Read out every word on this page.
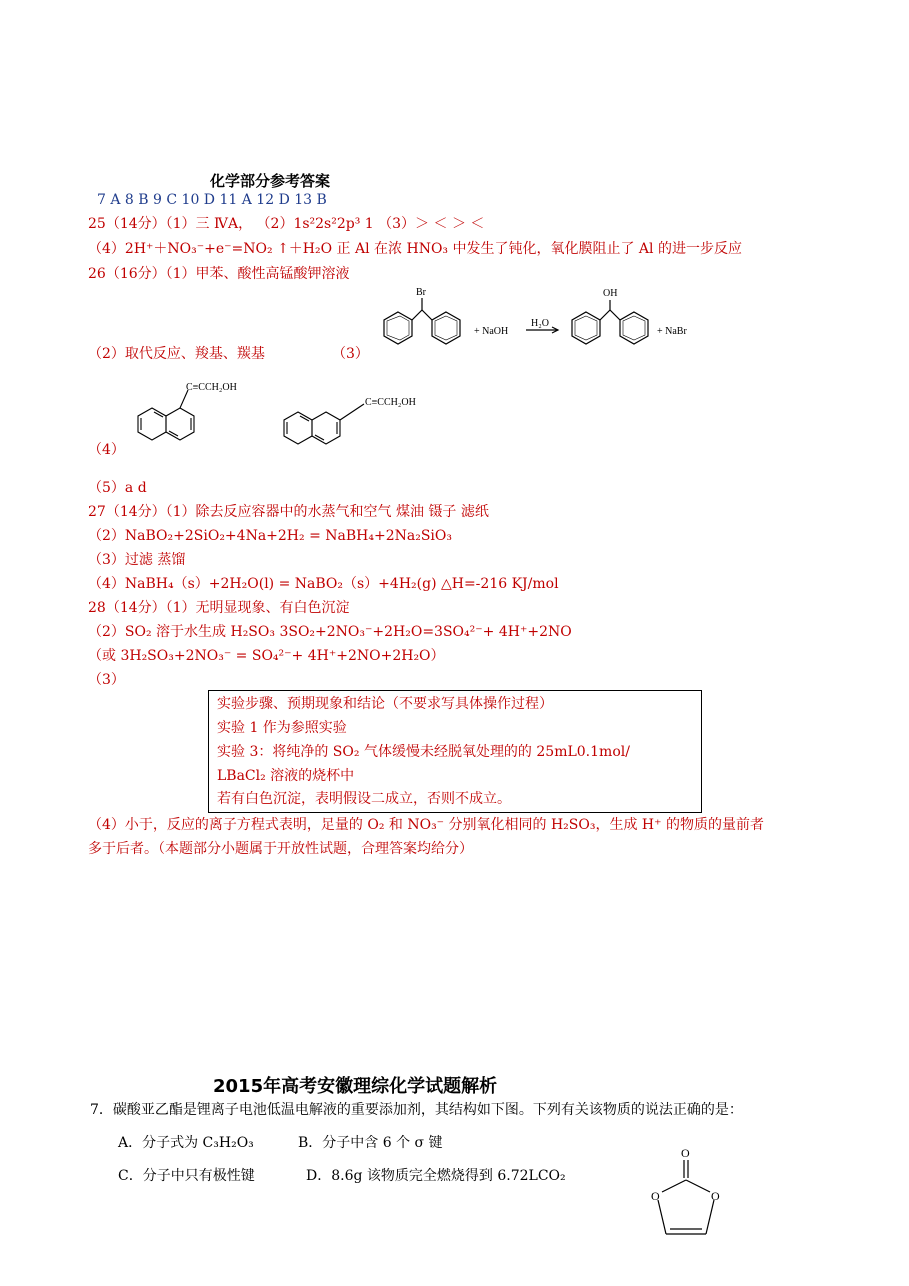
化学部分参考答案
7 A 8 B 9 C 10 D 11 A 12 D 13 B
25（14分）（1）三 ⅣA， （2）1s²2s²2p³ 1 （3）＞ ＜ ＞ ＜
（4）2H⁺＋NO₃⁻+e⁻=NO₂ ↑＋H₂O 正 Al 在浓 HNO₃ 中发生了钝化，氧化膜阻止了 Al 的进一步反应
26（16分）（1）甲苯、酸性高锰酸钾溶液
Br
+ NaOH
H₂O
OH
+ NaBr
（2）取代反应、羧基、羰基	（3）
C≡CCH₂OH
C≡CCH₂OH
（4）
（5）a d
27（14分）（1）除去反应容器中的水蒸气和空气 煤油 镊子 滤纸
（2）NaBO₂+2SiO₂+4Na+2H₂ = NaBH₄+2Na₂SiO₃
（3）过滤 蒸馏
（4）NaBH₄（s）+2H₂O(l) = NaBO₂（s）+4H₂(g) △H=-216 KJ/mol
28（14分）（1）无明显现象、有白色沉淀
（2）SO₂ 溶于水生成 H₂SO₃ 3SO₂+2NO₃⁻+2H₂O=3SO₄²⁻+ 4H⁺+2NO
（或 3H₂SO₃+2NO₃⁻ = SO₄²⁻+ 4H⁺+2NO+2H₂O）
（3）
实验步骤、预期现象和结论（不要求写具体操作过程）
实验 1 作为参照实验
实验 3：将纯净的 SO₂ 气体缓慢未经脱氧处理的的 25mL0.1mol/
LBaCl₂ 溶液的烧杯中
若有白色沉淀，表明假设二成立，否则不成立。
（4）小于，反应的离子方程式表明，足量的 O₂ 和 NO₃⁻ 分别氧化相同的 H₂SO₃，生成 H⁺ 的物质的量前者
多于后者。（本题部分小题属于开放性试题，合理答案均给分）
2015年高考安徽理综化学试题解析
7．碳酸亚乙酯是锂离子电池低温电解液的重要添加剂，其结构如下图。下列有关该物质的说法正确的是：
A．分子式为 C₃H₂O₃	B．分子中含 6 个 σ 键
C．分子中只有极性键	D．8.6g 该物质完全燃烧得到 6.72LCO₂
O
O	O
